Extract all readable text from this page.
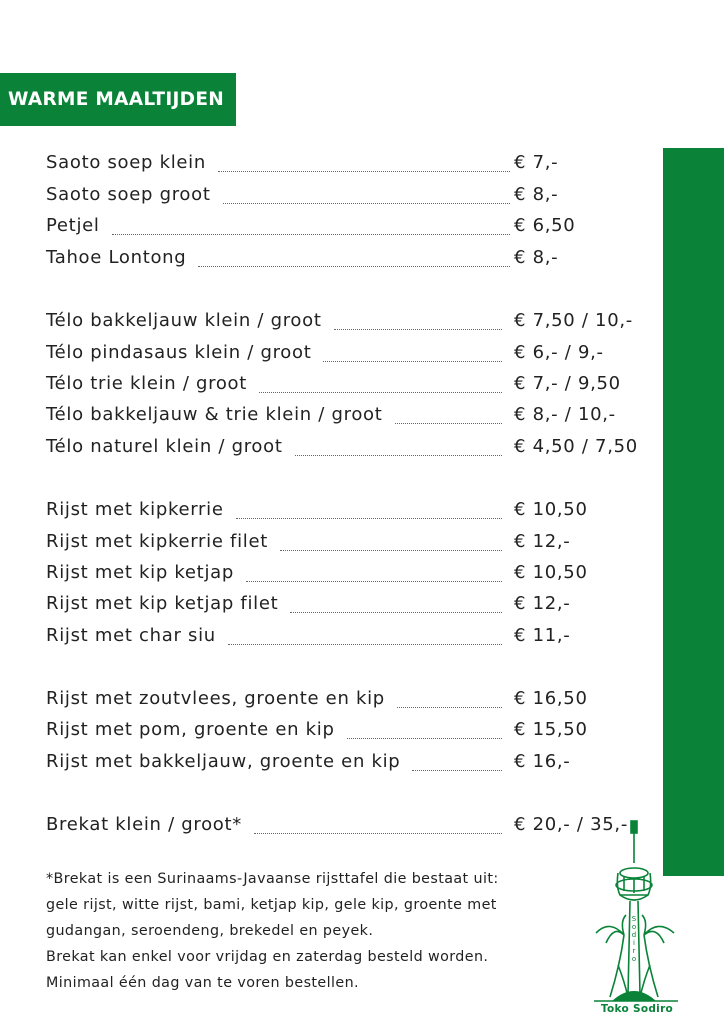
WARME MAALTIJDEN
Saoto soep klein	€ 7,-
Saoto soep groot	€ 8,-
Petjel	€ 6,50
Tahoe Lontong	€ 8,-
Télo bakkeljauw klein / groot	€ 7,50 / 10,-
Télo pindasaus klein / groot	€ 6,- / 9,-
Télo trie klein / groot	€ 7,- / 9,50
Télo bakkeljauw & trie klein / groot	€ 8,- / 10,-
Télo naturel klein / groot	€ 4,50 / 7,50
Rijst met kipkerrie	€ 10,50
Rijst met kipkerrie filet	€ 12,-
Rijst met kip ketjap	€ 10,50
Rijst met kip ketjap filet	€ 12,-
Rijst met char siu	€ 11,-
Rijst met zoutvlees, groente en kip	€ 16,50
Rijst met pom, groente en kip	€ 15,50
Rijst met bakkeljauw, groente en kip	€ 16,-
Brekat klein / groot*	€ 20,- / 35,-

*Brekat is een Surinaams-Javaanse rijsttafel die bestaat uit:

gele rijst, witte rijst, bami, ketjap kip, gele kip, groente met

gudangan, seroendeng, brekedel en peyek.

Brekat kan enkel voor vrijdag en zaterdag besteld worden.

Minimaal één dag van te voren bestellen.

S o d i r o
Toko Sodiro
